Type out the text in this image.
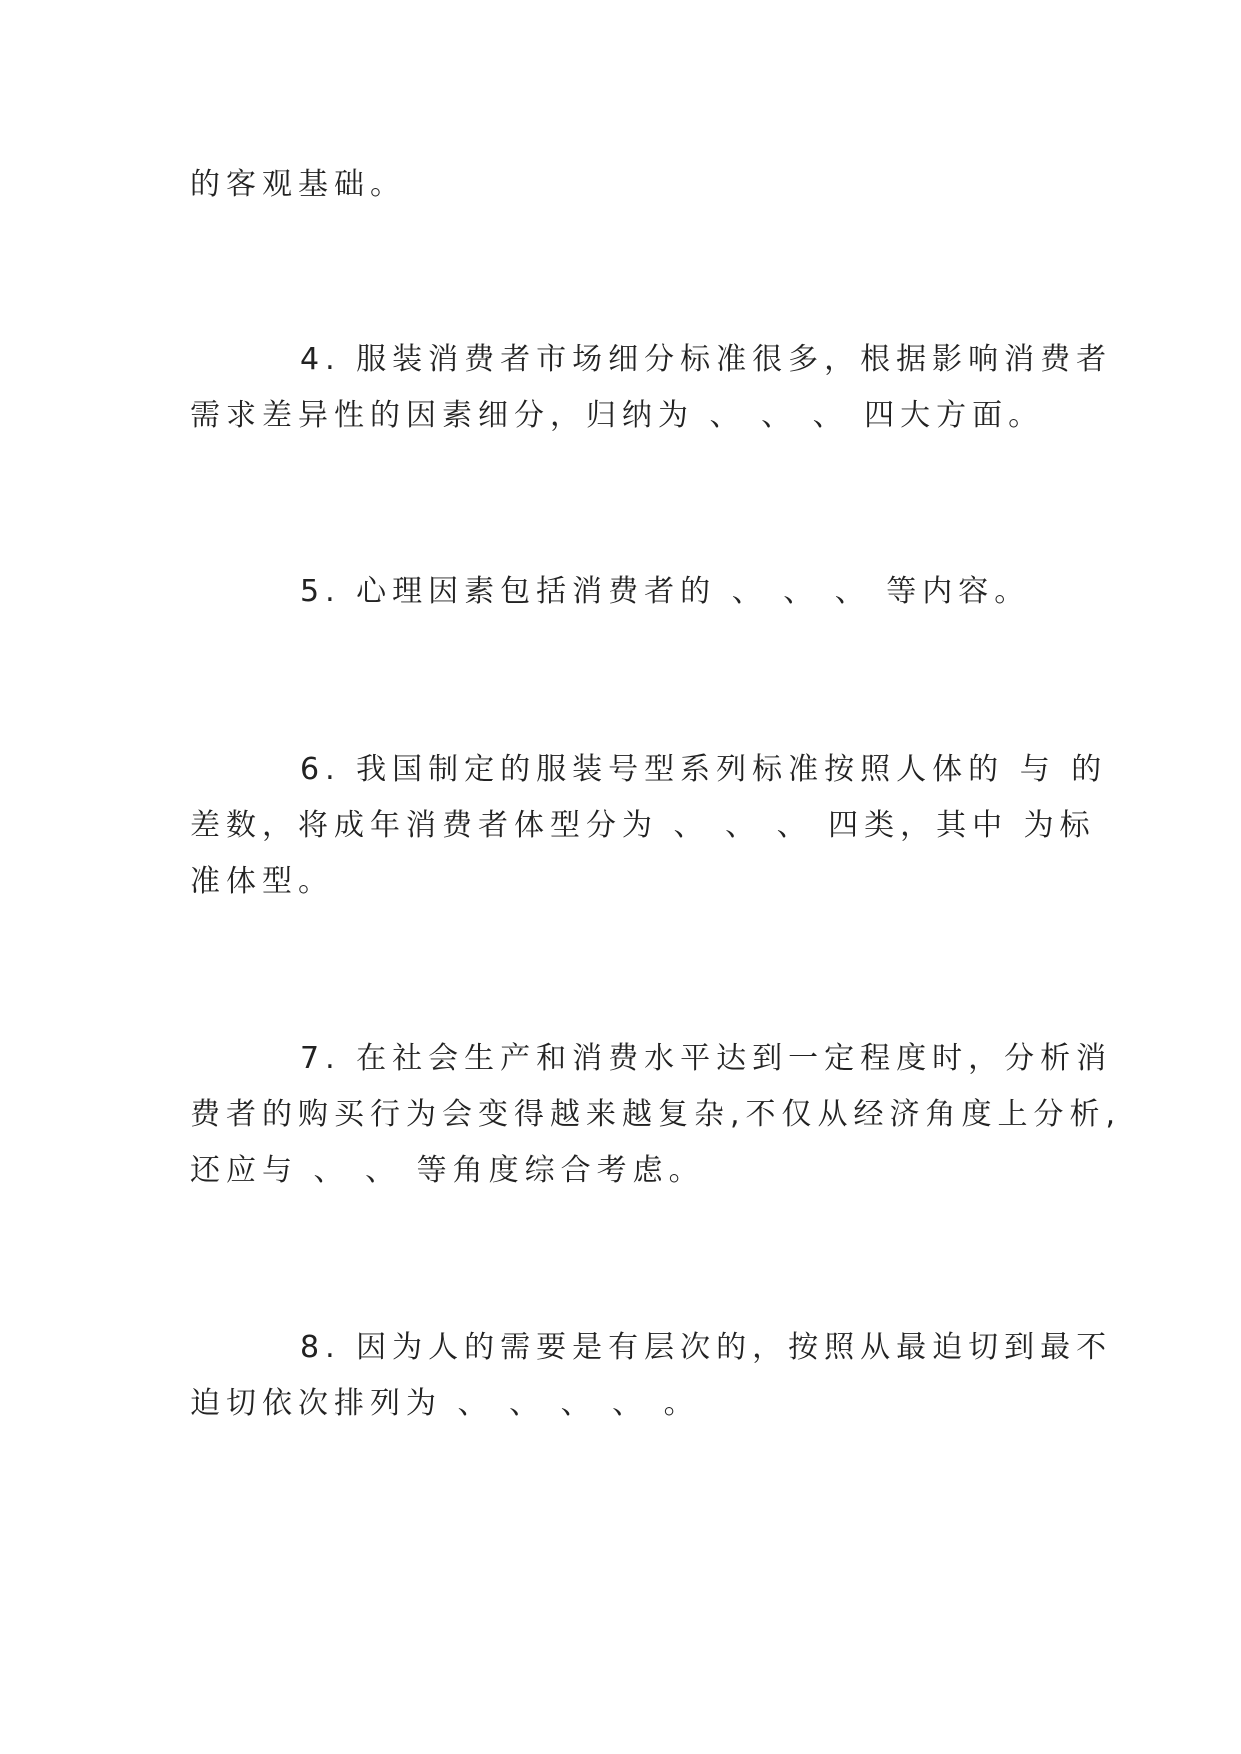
的客观基础。
4. 服装消费者市场细分标准很多，根据影响消费者
需求差异性的因素细分，归纳为 、 、 、 四大方面。
5. 心理因素包括消费者的 、 、 、 等内容。
6. 我国制定的服装号型系列标准按照人体的 与 的
差数，将成年消费者体型分为 、 、 、 四类，其中 为标
准体型。
7. 在社会生产和消费水平达到一定程度时，分析消
费者的购买行为会变得越来越复杂,不仅从经济角度上分析,
还应与 、 、 等角度综合考虑。
8. 因为人的需要是有层次的，按照从最迫切到最不
迫切依次排列为 、 、 、 、 。
